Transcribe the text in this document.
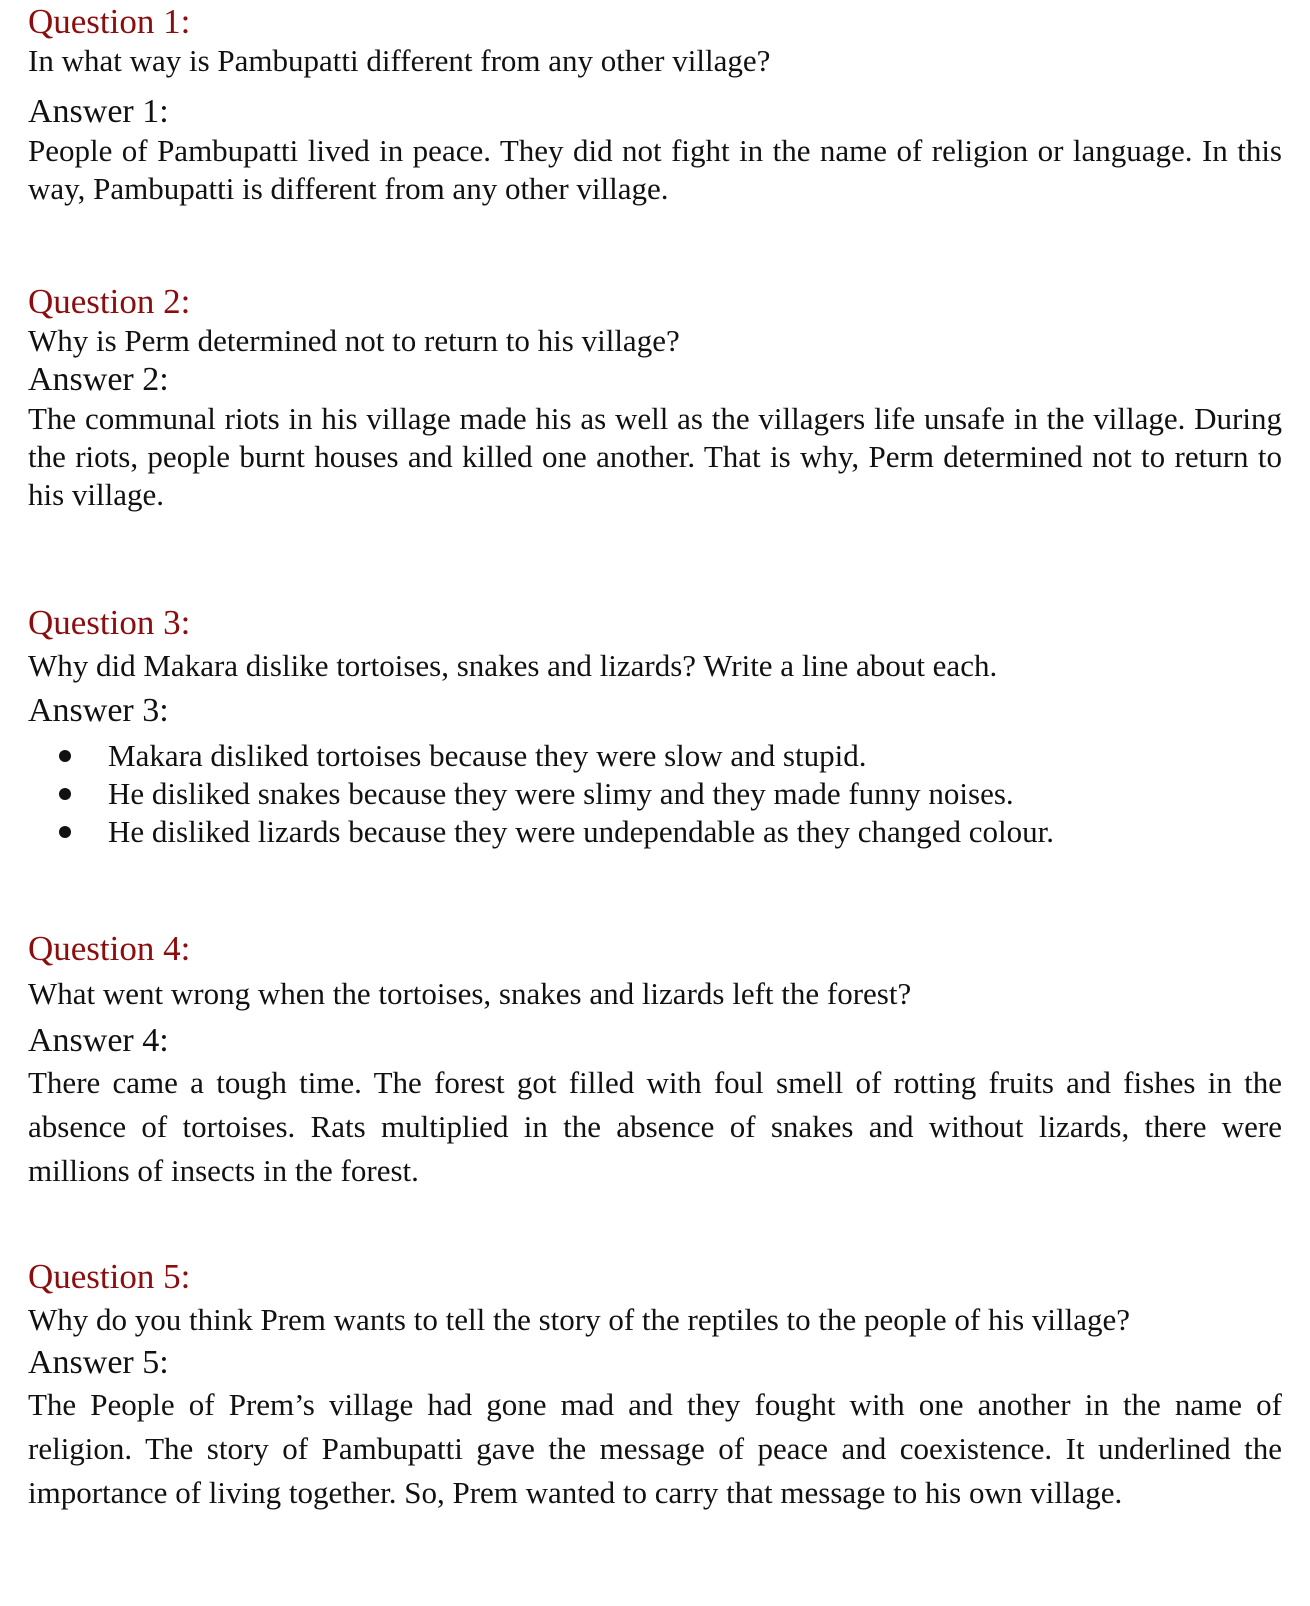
Question 1:

In what way is Pambupatti different from any other village?

Answer 1:

People of Pambupatti lived in peace. They did not fight in the name of religion or language. In this way, Pambupatti is different from any other village.

Question 2:

Why is Perm determined not to return to his village?

Answer 2:

The communal riots in his village made his as well as the villagers life unsafe in the village. During the riots, people burnt houses and killed one another. That is why, Perm determined not to return to his village.

Question 3:

Why did Makara dislike tortoises, snakes and lizards? Write a line about each.

Answer 3:

Makara disliked tortoises because they were slow and stupid.
He disliked snakes because they were slimy and they made funny noises.
He disliked lizards because they were undependable as they changed colour.
Question 4:

What went wrong when the tortoises, snakes and lizards left the forest?

Answer 4:

There came a tough time. The forest got filled with foul smell of rotting fruits and fishes in the absence of tortoises. Rats multiplied in the absence of snakes and without lizards, there were millions of insects in the forest.

Question 5:

Why do you think Prem wants to tell the story of the reptiles to the people of his village?

Answer 5:

The People of Prem’s village had gone mad and they fought with one another in the name of religion. The story of Pambupatti gave the message of peace and coexistence. It underlined the importance of living together. So, Prem wanted to carry that message to his own village.
